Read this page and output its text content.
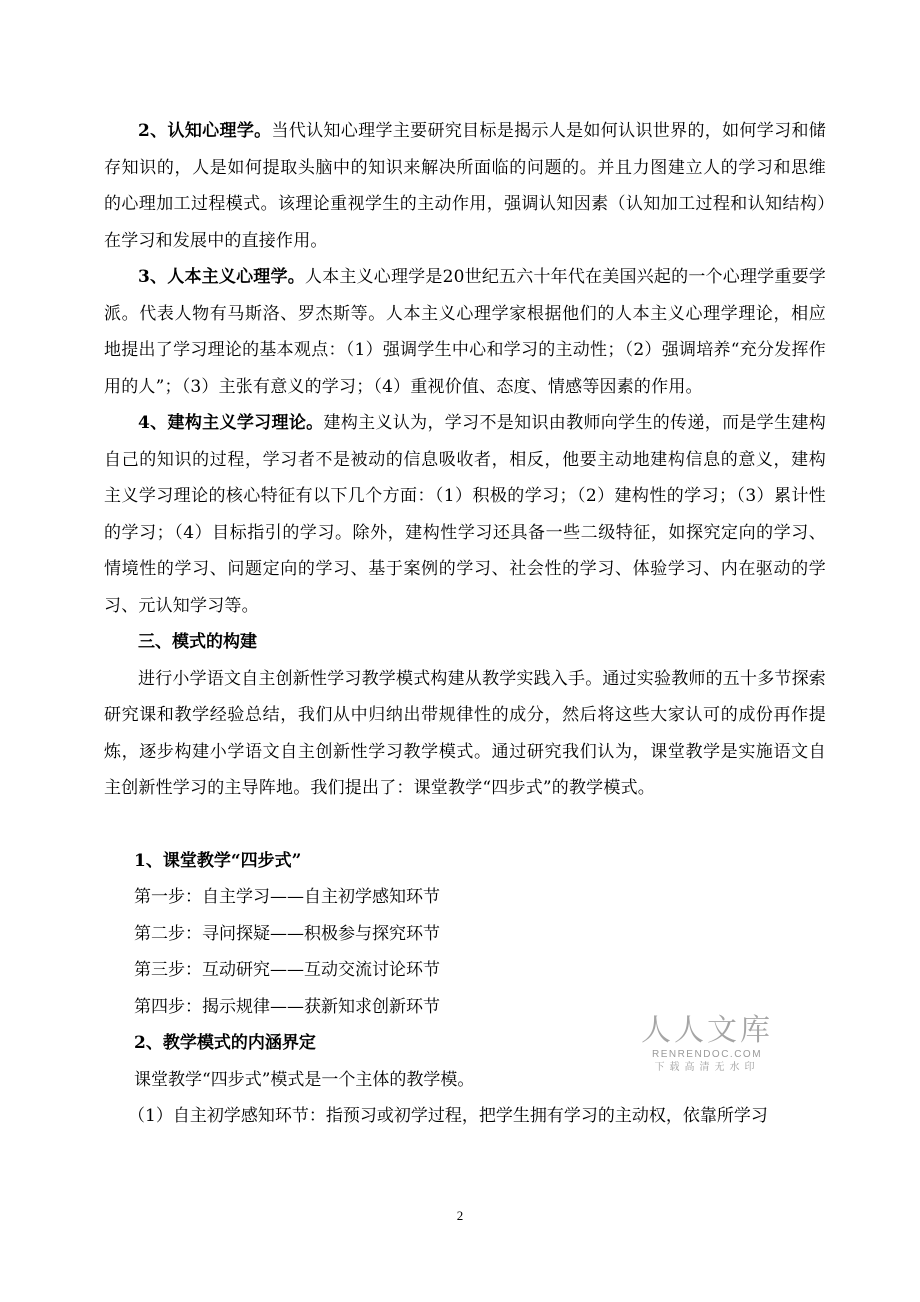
2、认知心理学。当代认知心理学主要研究目标是揭示人是如何认识世界的，如何学习和储存知识的，人是如何提取头脑中的知识来解决所面临的问题的。并且力图建立人的学习和思维的心理加工过程模式。该理论重视学生的主动作用，强调认知因素（认知加工过程和认知结构）在学习和发展中的直接作用。

3、人本主义心理学。人本主义心理学是20世纪五六十年代在美国兴起的一个心理学重要学派。代表人物有马斯洛、罗杰斯等。人本主义心理学家根据他们的人本主义心理学理论，相应地提出了学习理论的基本观点：（1）强调学生中心和学习的主动性；（2）强调培养“充分发挥作用的人”；（3）主张有意义的学习；（4）重视价值、态度、情感等因素的作用。

4、建构主义学习理论。建构主义认为，学习不是知识由教师向学生的传递，而是学生建构自己的知识的过程，学习者不是被动的信息吸收者，相反，他要主动地建构信息的意义，建构主义学习理论的核心特征有以下几个方面：（1）积极的学习；（2）建构性的学习；（3）累计性的学习；（4）目标指引的学习。除外，建构性学习还具备一些二级特征，如探究定向的学习、情境性的学习、问题定向的学习、基于案例的学习、社会性的学习、体验学习、内在驱动的学习、元认知学习等。

三、模式的构建

进行小学语文自主创新性学习教学模式构建从教学实践入手。通过实验教师的五十多节探索研究课和教学经验总结，我们从中归纳出带规律性的成分，然后将这些大家认可的成份再作提炼，逐步构建小学语文自主创新性学习教学模式。通过研究我们认为，课堂教学是实施语文自主创新性学习的主导阵地。我们提出了：课堂教学“四步式”的教学模式。

1、课堂教学“四步式”

第一步：自主学习——自主初学感知环节

第二步：寻问探疑——积极参与探究环节

第三步：互动研究——互动交流讨论环节

第四步：揭示规律——获新知求创新环节

2、教学模式的内涵界定

课堂教学“四步式”模式是一个主体的教学模。

（1）自主初学感知环节：指预习或初学过程，把学生拥有学习的主动权，依靠所学习

人人文库
RENRENDOC.COM
下载高清无水印
2
